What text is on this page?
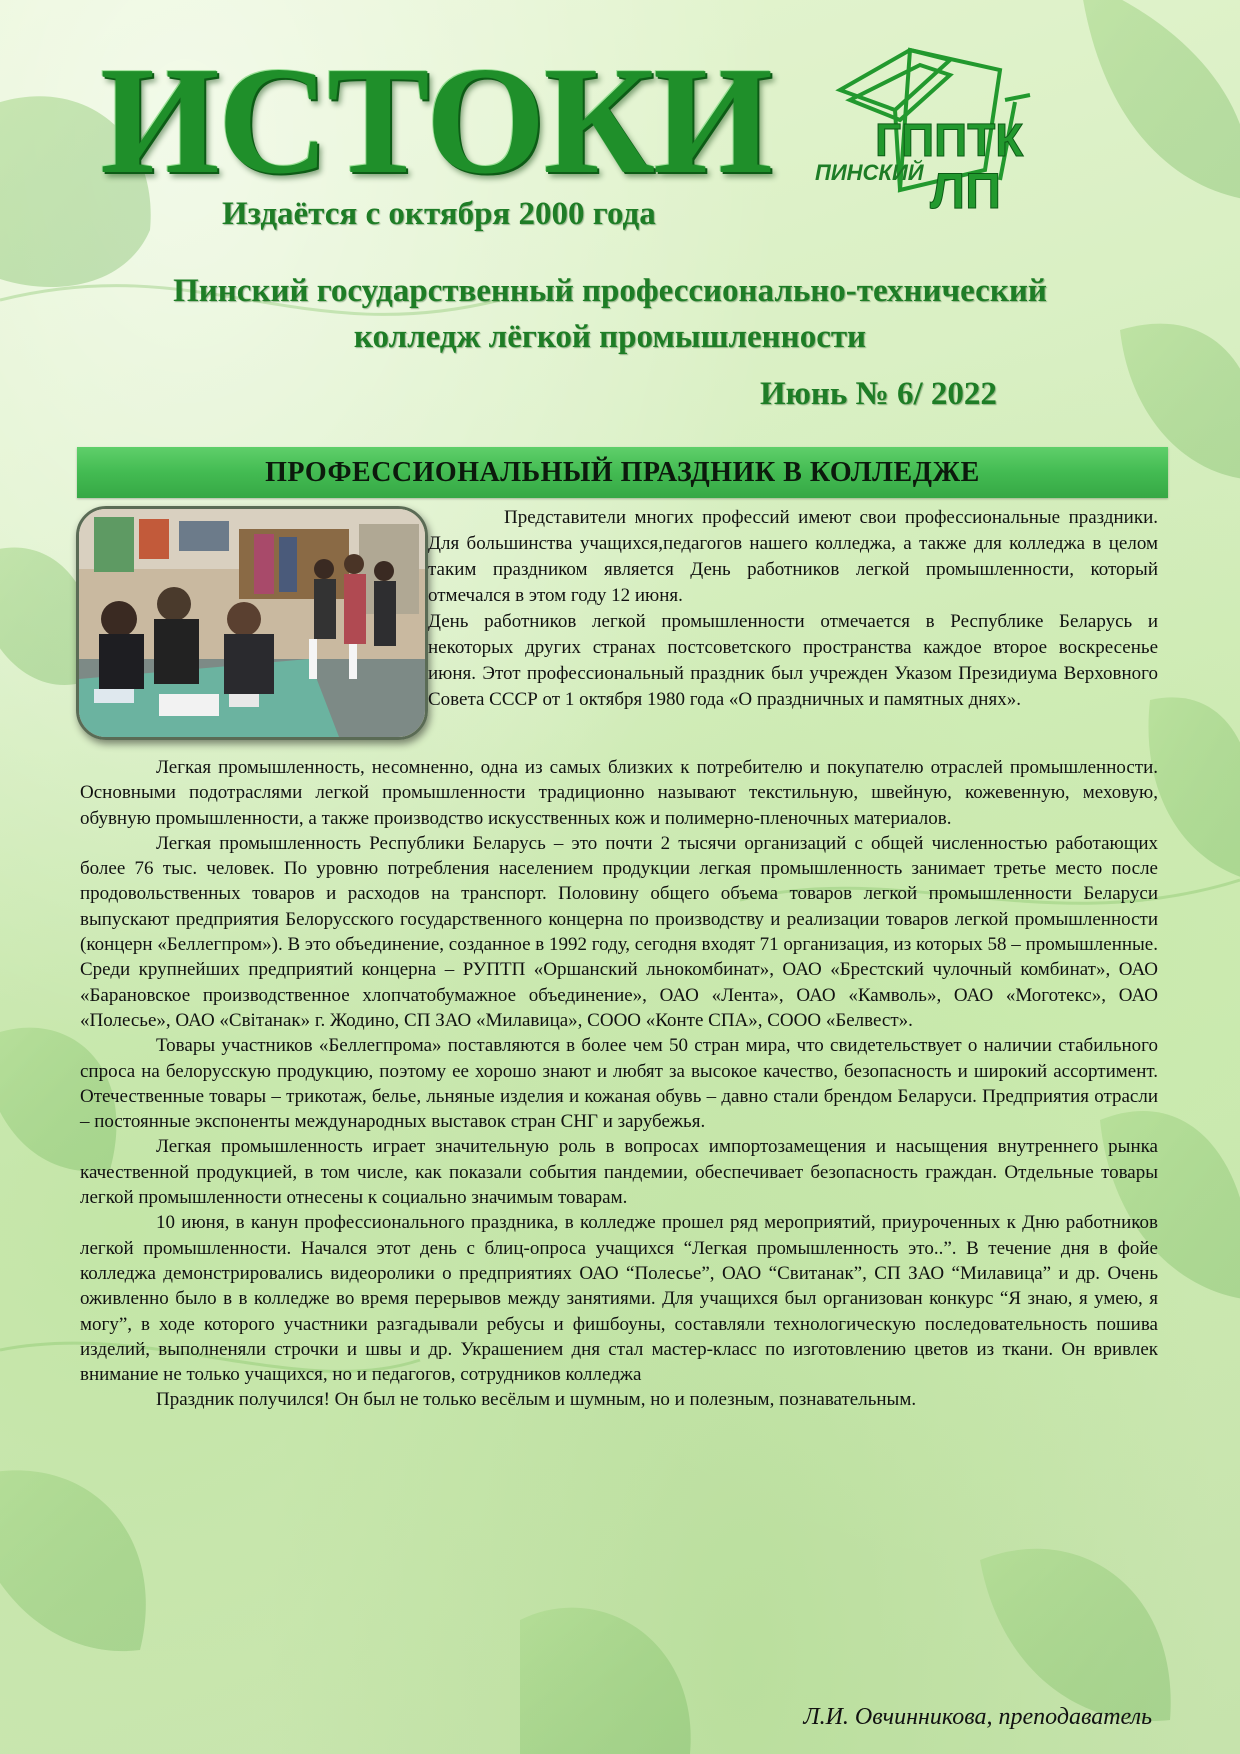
ИСТОКИ	ГППТК
ЛП
ПИНСКИЙ
Издаётся с октября 2000 года
Пинский государственный профессионально-технический
колледж лёгкой промышленности
Июнь № 6/ 2022
ПРОФЕССИОНАЛЬНЫЙ ПРАЗДНИК В КОЛЛЕДЖЕ

Представители многих профессий имеют свои профессиональные праздники. Для большинства учащихся,педагогов нашего колледжа, а также для колледжа в целом таким праздником является День работников легкой промышленности, который отмечался в этом году 12 июня.

День работников легкой промышленности отмечается в Республике Беларусь и некоторых других странах постсоветского пространства каждое второе воскресенье июня. Этот профессиональный праздник был учрежден Указом Президиума Верховного Совета СССР от 1 октября 1980 года «О праздничных и памятных днях».

Легкая промышленность, несомненно, одна из самых близких к потребителю и покупателю отраслей промышленности. Основными подотраслями легкой промышленности традиционно называют текстильную, швейную, кожевенную, меховую, обувную промышленности, а также производство искусственных кож и полимерно-пленочных материалов.

Легкая промышленность Республики Беларусь – это почти 2 тысячи организаций с общей численностью работающих более 76 тыс. человек. По уровню потребления населением продукции легкая промышленность занимает третье место после продовольственных товаров и расходов на транспорт. Половину общего объема товаров легкой промышленности Беларуси выпускают предприятия Белорусского государственного концерна по производству и реализации товаров легкой промышленности (концерн «Беллегпром»). В это объединение, созданное в 1992 году, сегодня входят 71 организация, из которых 58 – промышленные. Среди крупнейших предприятий концерна – РУПТП «Оршанский льнокомбинат», ОАО «Брестский чулочный комбинат», ОАО «Барановское производственное хлопчатобумажное объединение», ОАО «Лента», ОАО «Камволь», ОАО «Моготекс», ОАО «Полесье», ОАО «Свiтанак» г. Жодино, СП ЗАО «Милавица», СООО «Конте СПА», СООО «Белвест».

Товары участников «Беллегпрома» поставляются в более чем 50 стран мира, что свидетельствует о наличии стабильного спроса на белорусскую продукцию, поэтому ее хорошо знают и любят за высокое качество, безопасность и широкий ассортимент. Отечественные товары – трикотаж, белье, льняные изделия и кожаная обувь – давно стали брендом Беларуси. Предприятия отрасли – постоянные экспоненты международных выставок стран СНГ и зарубежья.

Легкая промышленность играет значительную роль в вопросах импортозамещения и насыщения внутреннего рынка качественной продукцией, в том числе, как показали события пандемии, обеспечивает безопасность граждан. Отдельные товары легкой промышленности отнесены к социально значимым товарам.

10 июня, в канун профессионального праздника, в колледже прошел ряд мероприятий, приуроченных к Дню работников легкой промышленности. Начался этот день с блиц-опроса учащихся “Легкая промышленность это..”. В течение дня в фойе колледжа демонстрировались видеоролики о предприятиях ОАО “Полесье”, ОАО “Свитанак”, СП ЗАО “Милавица” и др. Очень оживленно было в в колледже во время перерывов между занятиями. Для учащихся был организован конкурс “Я знаю, я умею, я могу”, в ходе которого участники разгадывали ребусы и фишбоуны, составляли технологическую последовательность пошива изделий, выполненяли строчки и швы и др. Украшением дня стал мастер-класс по изготовлению цветов из ткани. Он вривлек внимание не только учащихся, но и педагогов, сотрудников колледжа

Праздник получился! Он был не только весёлым и шумным, но и полезным, познавательным.

Л.И. Овчинникова, преподаватель
